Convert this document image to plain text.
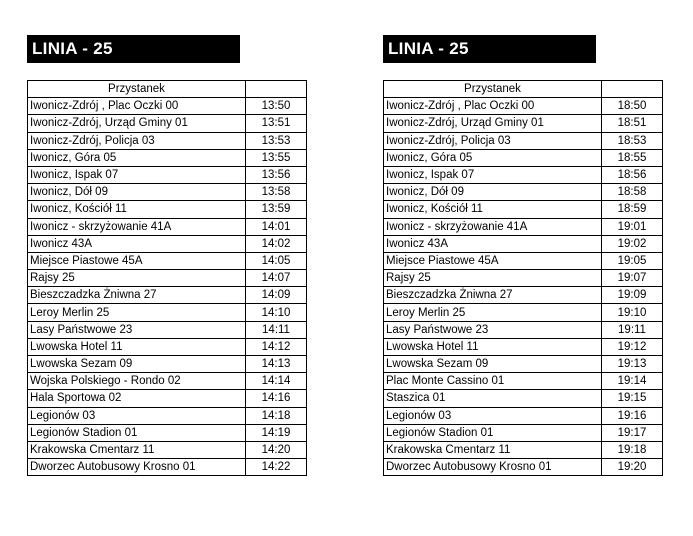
LINIA - 25
Przystanek	
Iwonicz-Zdrój , Plac Oczki 00	13:50
Iwonicz-Zdrój, Urząd Gminy 01	13:51
Iwonicz-Zdrój, Policja 03	13:53
Iwonicz, Góra 05	13:55
Iwonicz, Ispak 07	13:56
Iwonicz, Dół 09	13:58
Iwonicz, Kościół 11	13:59
Iwonicz - skrzyżowanie 41A	14:01
Iwonicz 43A	14:02
Miejsce Piastowe 45A	14:05
Rajsy 25	14:07
Bieszczadzka Żniwna 27	14:09
Leroy Merlin 25	14:10
Lasy Państwowe 23	14:11
Lwowska Hotel 11	14:12
Lwowska Sezam 09	14:13
Wojska Polskiego - Rondo 02	14:14
Hala Sportowa 02	14:16
Legionów 03	14:18
Legionów Stadion 01	14:19
Krakowska Cmentarz 11	14:20
Dworzec Autobusowy Krosno 01	14:22
LINIA - 25
Przystanek	
Iwonicz-Zdrój , Plac Oczki 00	18:50
Iwonicz-Zdrój, Urząd Gminy 01	18:51
Iwonicz-Zdrój, Policja 03	18:53
Iwonicz, Góra 05	18:55
Iwonicz, Ispak 07	18:56
Iwonicz, Dół 09	18:58
Iwonicz, Kościół 11	18:59
Iwonicz - skrzyżowanie 41A	19:01
Iwonicz 43A	19:02
Miejsce Piastowe 45A	19:05
Rajsy 25	19:07
Bieszczadzka Żniwna 27	19:09
Leroy Merlin 25	19:10
Lasy Państwowe 23	19:11
Lwowska Hotel 11	19:12
Lwowska Sezam 09	19:13
Plac Monte Cassino 01	19:14
Staszica 01	19:15
Legionów 03	19:16
Legionów Stadion 01	19:17
Krakowska Cmentarz 11	19:18
Dworzec Autobusowy Krosno 01	19:20
